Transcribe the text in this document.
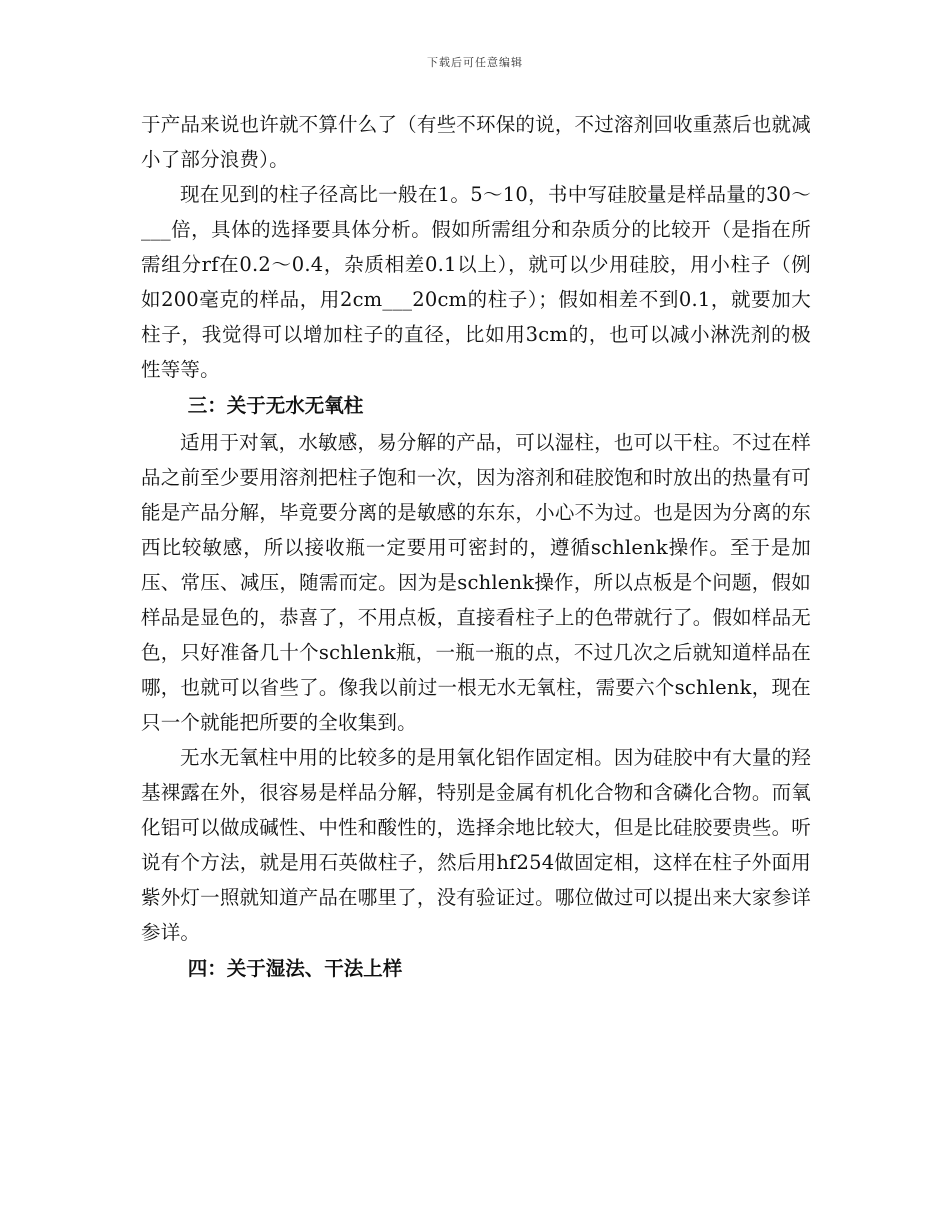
下载后可任意编辑

于产品来说也许就不算什么了（有些不环保的说，不过溶剂回收重蒸后也就减小了部分浪费）。

现在见到的柱子径高比一般在1。5～10，书中写硅胶量是样品量的30～___倍，具体的选择要具体分析。假如所需组分和杂质分的比较开（是指在所需组分rf在0.2～0.4，杂质相差0.1以上），就可以少用硅胶，用小柱子（例如200毫克的样品，用2cm___20cm的柱子）；假如相差不到0.1，就要加大柱子，我觉得可以增加柱子的直径，比如用3cm的，也可以减小淋洗剂的极性等等。

三：关于无水无氧柱

适用于对氧，水敏感，易分解的产品，可以湿柱，也可以干柱。不过在样品之前至少要用溶剂把柱子饱和一次，因为溶剂和硅胶饱和时放出的热量有可能是产品分解，毕竟要分离的是敏感的东东，小心不为过。也是因为分离的东西比较敏感，所以接收瓶一定要用可密封的，遵循schlenk操作。至于是加压、常压、减压，随需而定。因为是schlenk操作，所以点板是个问题，假如样品是显色的，恭喜了，不用点板，直接看柱子上的色带就行了。假如样品无色，只好准备几十个schlenk瓶，一瓶一瓶的点，不过几次之后就知道样品在哪，也就可以省些了。像我以前过一根无水无氧柱，需要六个schlenk，现在只一个就能把所要的全收集到。

无水无氧柱中用的比较多的是用氧化铝作固定相。因为硅胶中有大量的羟基裸露在外，很容易是样品分解，特别是金属有机化合物和含磷化合物。而氧化铝可以做成碱性、中性和酸性的，选择余地比较大，但是比硅胶要贵些。听说有个方法，就是用石英做柱子，然后用hf254做固定相，这样在柱子外面用紫外灯一照就知道产品在哪里了，没有验证过。哪位做过可以提出来大家参详参详。

四：关于湿法、干法上样
